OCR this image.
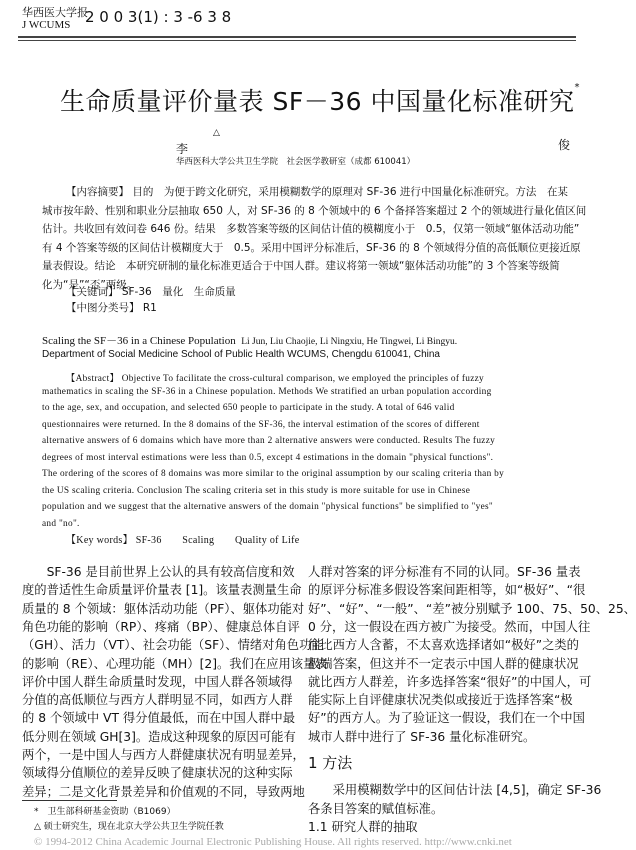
华西医大学报
J WCUMS 2 0 0 3(1) : 3 -6 3 8
生命质量评价量表 SF－36 中国量化标准研究*
李
△
俊
华西医科大学公共卫生学院　社会医学教研室（成都 610041）
【内容摘要】 目的　为便于跨文化研究，采用模糊数学的原理对 SF-36 进行中国量化标准研究。方法　在某
城市按年龄、性别和职业分层抽取 650 人，对 SF-36 的 8 个领域中的 6 个备择答案超过 2 个的领域进行量化值区间
估计。共收回有效问卷 646 份。结果　多数答案等级的区间估计值的模糊度小于　0.5，仅第一领域“躯体活动功能”
有 4 个答案等级的区间估计模糊度大于　0.5。采用中国评分标准后，SF-36 的 8 个领域得分值的高低顺位更接近原
量表假设。结论　本研究研制的量化标准更适合于中国人群。建议将第一领域“躯体活动功能”的 3 个答案等级简
化为“是”“否”两级。
【关键词】 SF-36　量化　生命质量
【中图分类号】 R1
Scaling the SF－36 in a Chinese Population Li Jun, Liu Chaojie, Li Ningxiu, He Tingwei, Li Bingyu.
Department of Social Medicine School of Public Health WCUMS, Chengdu 610041, China
【Abstract】 Objective To facilitate the cross-cultural comparison, we employed the principles of fuzzy
mathematics in scaling the SF-36 in a Chinese population. Methods We stratified an urban population according
to the age, sex, and occupation, and selected 650 people to participate in the study. A total of 646 valid
questionnaires were returned. In the 8 domains of the SF-36, the interval estimation of the scores of different
alternative answers of 6 domains which have more than 2 alternative answers were conducted. Results The fuzzy
degrees of most interval estimations were less than 0.5, except 4 estimations in the domain "physical functions".
The ordering of the scores of 8 domains was more similar to the original assumption by our scaling criteria than by
the US scaling criteria. Conclusion The scaling criteria set in this study is more suitable for use in Chinese
population and we suggest that the alternative answers of the domain "physical functions" be simplified to "yes"
and "no".
【Key words】 SF-36　　Scaling　　Quality of Life
　　SF-36 是目前世界上公认的具有较高信度和效
度的普适性生命质量评价量表 [1]。该量表测量生命
质量的 8 个领域：躯体活动功能（PF）、躯体功能对
角色功能的影响（RP）、疼痛（BP）、健康总体自评
（GH）、活力（VT）、社会功能（SF）、情绪对角色功能
的影响（RE）、心理功能（MH）[2]。我们在应用该量表
评价中国人群生命质量时发现，中国人群各领域得
分值的高低顺位与西方人群明显不同，如西方人群
的 8 个领域中 VT 得分值最低，而在中国人群中最
低分则在领域 GH[3]。造成这种现象的原因可能有
两个，一是中国人与西方人群健康状况有明显差异，
领域得分值顺位的差异反映了健康状况的这种实际
差异；二是文化背景差异和价值观的不同，导致两地
人群对答案的评分标准有不同的认同。SF-36 量表
的原评分标准多假设答案间距相等，如“极好”、“很
好”、“好”、“一般”、“差”被分别赋予 100、75、50、25、
0 分，这一假设在西方被广为接受。然而，中国人往
往比西方人含蓄，不太喜欢选择诸如“极好”之类的
极端答案，但这并不一定表示中国人群的健康状况
就比西方人群差，许多选择答案“很好”的中国人，可
能实际上自评健康状况类似或接近于选择答案“极
好”的西方人。为了验证这一假设，我们在一个中国
城市人群中进行了 SF-36 量化标准研究。
1 方法
　　采用模糊数学中的区间估计法 [4,5]，确定 SF-36
各条目答案的赋值标准。
1.1 研究人群的抽取
*　卫生部科研基金资助（B1069）
△ 硕士研究生，现在北京大学公共卫生学院任教
© 1994-2012 China Academic Journal Electronic Publishing House. All rights reserved. http://www.cnki.net
